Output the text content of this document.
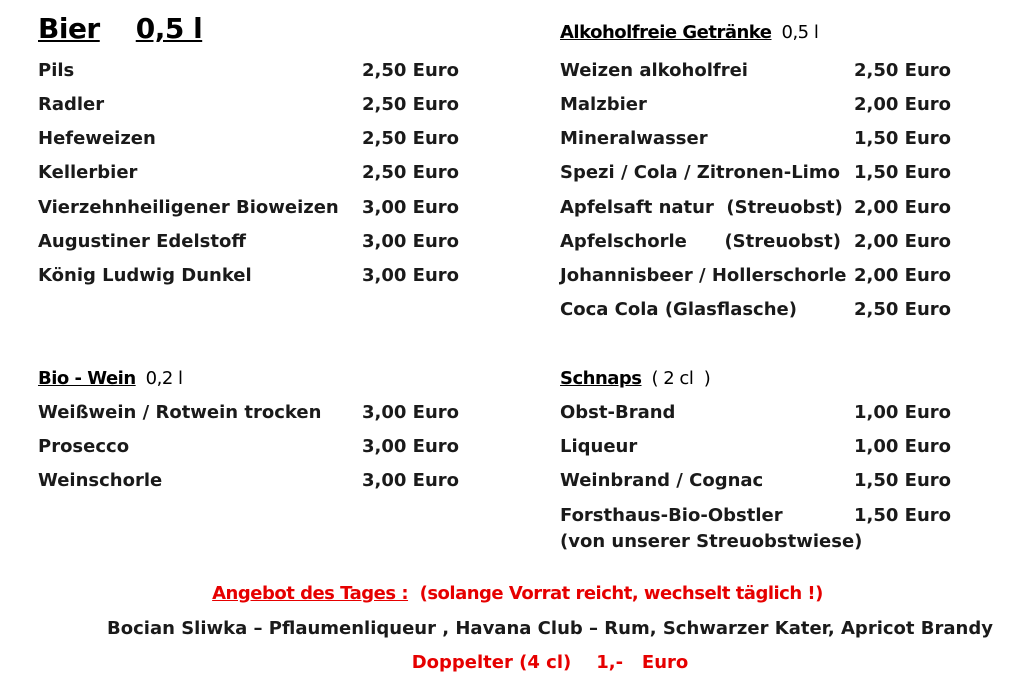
Bier 0,5 l	Alkoholfreie Getränke 0,5 l
Pils	2,50 Euro
Radler	2,50 Euro
Hefeweizen	2,50 Euro
Kellerbier	2,50 Euro
Vierzehnheiligener Bioweizen 3,00 Euro
Augustiner Edelstoff	3,00 Euro
König Ludwig Dunkel	3,00 Euro
Weizen alkoholfrei	2,50 Euro
Malzbier	2,00 Euro
Mineralwasser	1,50 Euro
Spezi / Cola / Zitronen-Limo 1,50 Euro
Apfelsaft natur  (Streuobst) 2,00 Euro
Apfelschorle      (Streuobst) 2,00 Euro
Johannisbeer / Hollerschorle 2,00 Euro
Coca Cola (Glasflasche)	2,50 Euro
Bio - Wein 0,2 l	Schnaps ( 2 cl  )
Weißwein / Rotwein trocken 3,00 Euro
Prosecco	3,00 Euro
Weinschorle	3,00 Euro
Obst-Brand	1,00 Euro
Liqueur	1,00 Euro
Weinbrand / Cognac	1,50 Euro
Forsthaus-Bio-Obstler	1,50 Euro
(von unserer Streuobstwiese)
Angebot des Tages : (solange Vorrat reicht, wechselt täglich !)
Bocian Sliwka – Pflaumenliqueur , Havana Club – Rum, Schwarzer Kater, Apricot Brandy
Doppelter (4 cl)    1,-   Euro
